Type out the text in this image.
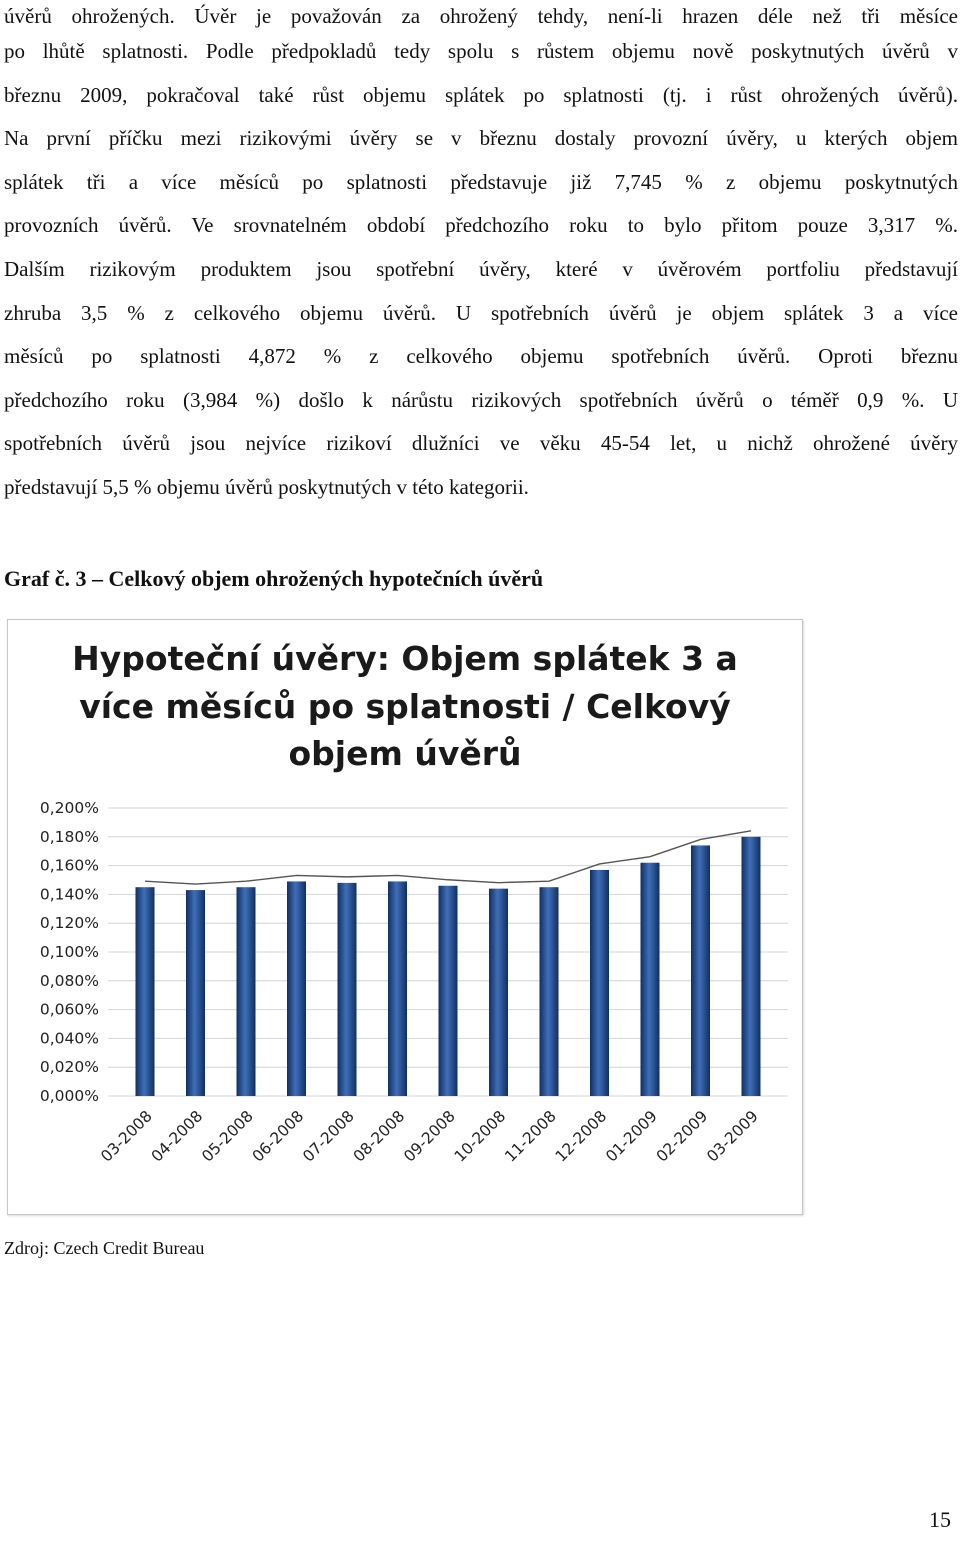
úvěrů ohrožených. Úvěr je považován za ohrožený tehdy, není-li hrazen déle než tři měsíce
po lhůtě splatnosti. Podle předpokladů tedy spolu s růstem objemu nově poskytnutých úvěrů v
březnu 2009, pokračoval také růst objemu splátek po splatnosti (tj. i růst ohrožených úvěrů).
Na první příčku mezi rizikovými úvěry se v březnu dostaly provozní úvěry, u kterých objem
splátek tři a více měsíců po splatnosti představuje již 7,745 % z objemu poskytnutých
provozních úvěrů. Ve srovnatelném období předchozího roku to bylo přitom pouze 3,317 %.
Dalším rizikovým produktem jsou spotřební úvěry, které v úvěrovém portfoliu představují
zhruba 3,5 % z celkového objemu úvěrů. U spotřebních úvěrů je objem splátek 3 a více
měsíců po splatnosti 4,872 % z celkového objemu spotřebních úvěrů. Oproti březnu
předchozího roku (3,984 %) došlo k nárůstu rizikových spotřebních úvěrů o téměř 0,9 %. U
spotřebních úvěrů jsou nejvíce rizikoví dlužníci ve věku 45-54 let, u nichž ohrožené úvěry
představují 5,5 % objemu úvěrů poskytnutých v této kategorii.

Graf č. 3 – Celkový objem ohrožených hypotečních úvěrů

Hypoteční úvěry: Objem splátek 3 a
více měsíců po splatnosti / Celkový
objem úvěrů
0,000%
0,020%
0,040%
0,060%
0,080%
0,100%
0,120%
0,140%
0,160%
0,180%
0,200%
03-2008
04-2008
05-2008
06-2008
07-2008
08-2008
09-2008
10-2008
11-2008
12-2008
01-2009
02-2009
03-2009

Zdroj: Czech Credit Bureau

15
